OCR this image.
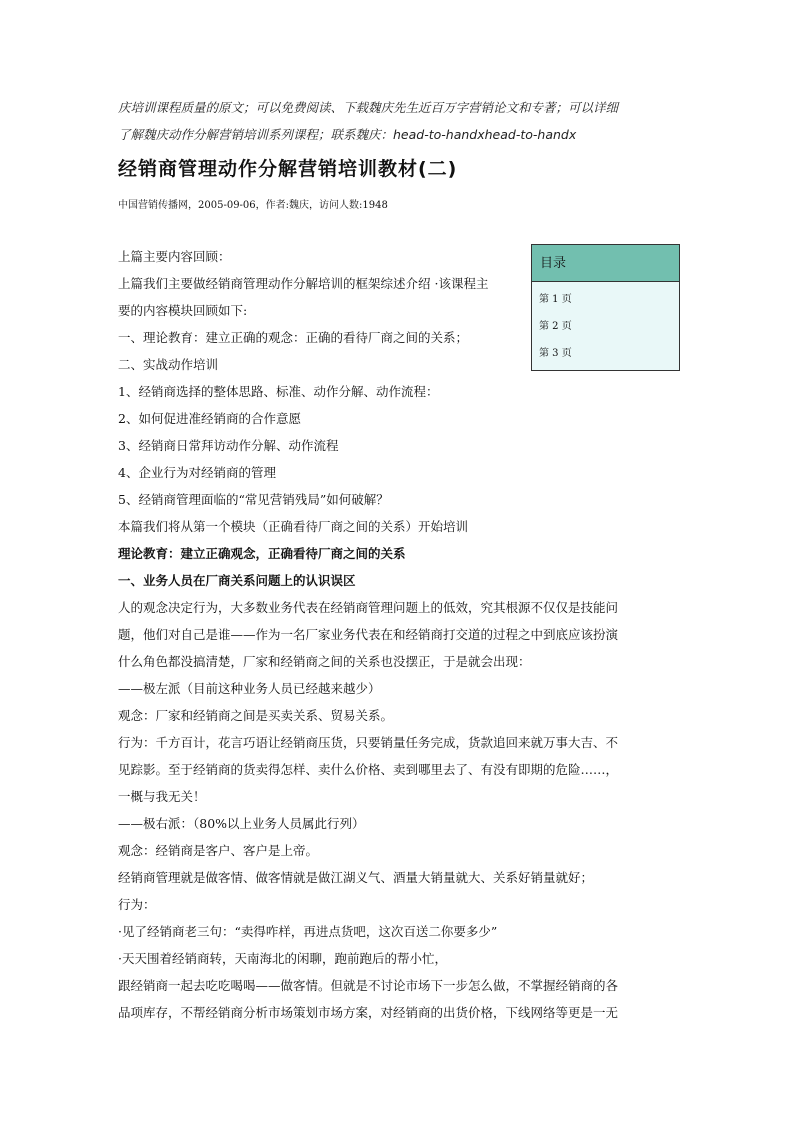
庆培训课程质量的原文；可以免费阅读、下载魏庆先生近百万字营销论文和专著；可以详细
了解魏庆动作分解营销培训系列课程；联系魏庆：head-to-handxhead-to-handx
经销商管理动作分解营销培训教材(二)
中国营销传播网，2005-09-06，作者:魏庆，访问人数:1948
目录
第 1 页
第 2 页
第 3 页
上篇主要内容回顾：
上篇我们主要做经销商管理动作分解培训的框架综述介绍 ·该课程主
要的内容模块回顾如下:
一、理论教育：建立正确的观念：正确的看待厂商之间的关系；
二、实战动作培训
1、经销商选择的整体思路、标准、动作分解、动作流程：
2、如何促进准经销商的合作意愿
3、经销商日常拜访动作分解、动作流程
4、企业行为对经销商的管理
5、经销商管理面临的“常见营销残局”如何破解？
本篇我们将从第一个模块（正确看待厂商之间的关系）开始培训
理论教育：建立正确观念，正确看待厂商之间的关系
一、业务人员在厂商关系问题上的认识误区
人的观念决定行为，大多数业务代表在经销商管理问题上的低效，究其根源不仅仅是技能问
题，他们对自己是谁——作为一名厂家业务代表在和经销商打交道的过程之中到底应该扮演
什么角色都没搞清楚，厂家和经销商之间的关系也没摆正，于是就会出现：
——极左派（目前这种业务人员已经越来越少）
观念：厂家和经销商之间是买卖关系、贸易关系。
行为：千方百计，花言巧语让经销商压货，只要销量任务完成，货款追回来就万事大吉、不
见踪影。至于经销商的货卖得怎样、卖什么价格、卖到哪里去了、有没有即期的危险……，
一概与我无关！
——极右派：（80%以上业务人员属此行列）
观念：经销商是客户、客户是上帝。
经销商管理就是做客情、做客情就是做江湖义气、酒量大销量就大、关系好销量就好；
行为：
·见了经销商老三句：“卖得咋样，再进点货吧，这次百送二你要多少”
·天天围着经销商转，天南海北的闲聊，跑前跑后的帮小忙，
跟经销商一起去吃吃喝喝——做客情。但就是不讨论市场下一步怎么做，不掌握经销商的各
品项库存，不帮经销商分析市场策划市场方案，对经销商的出货价格，下线网络等更是一无
